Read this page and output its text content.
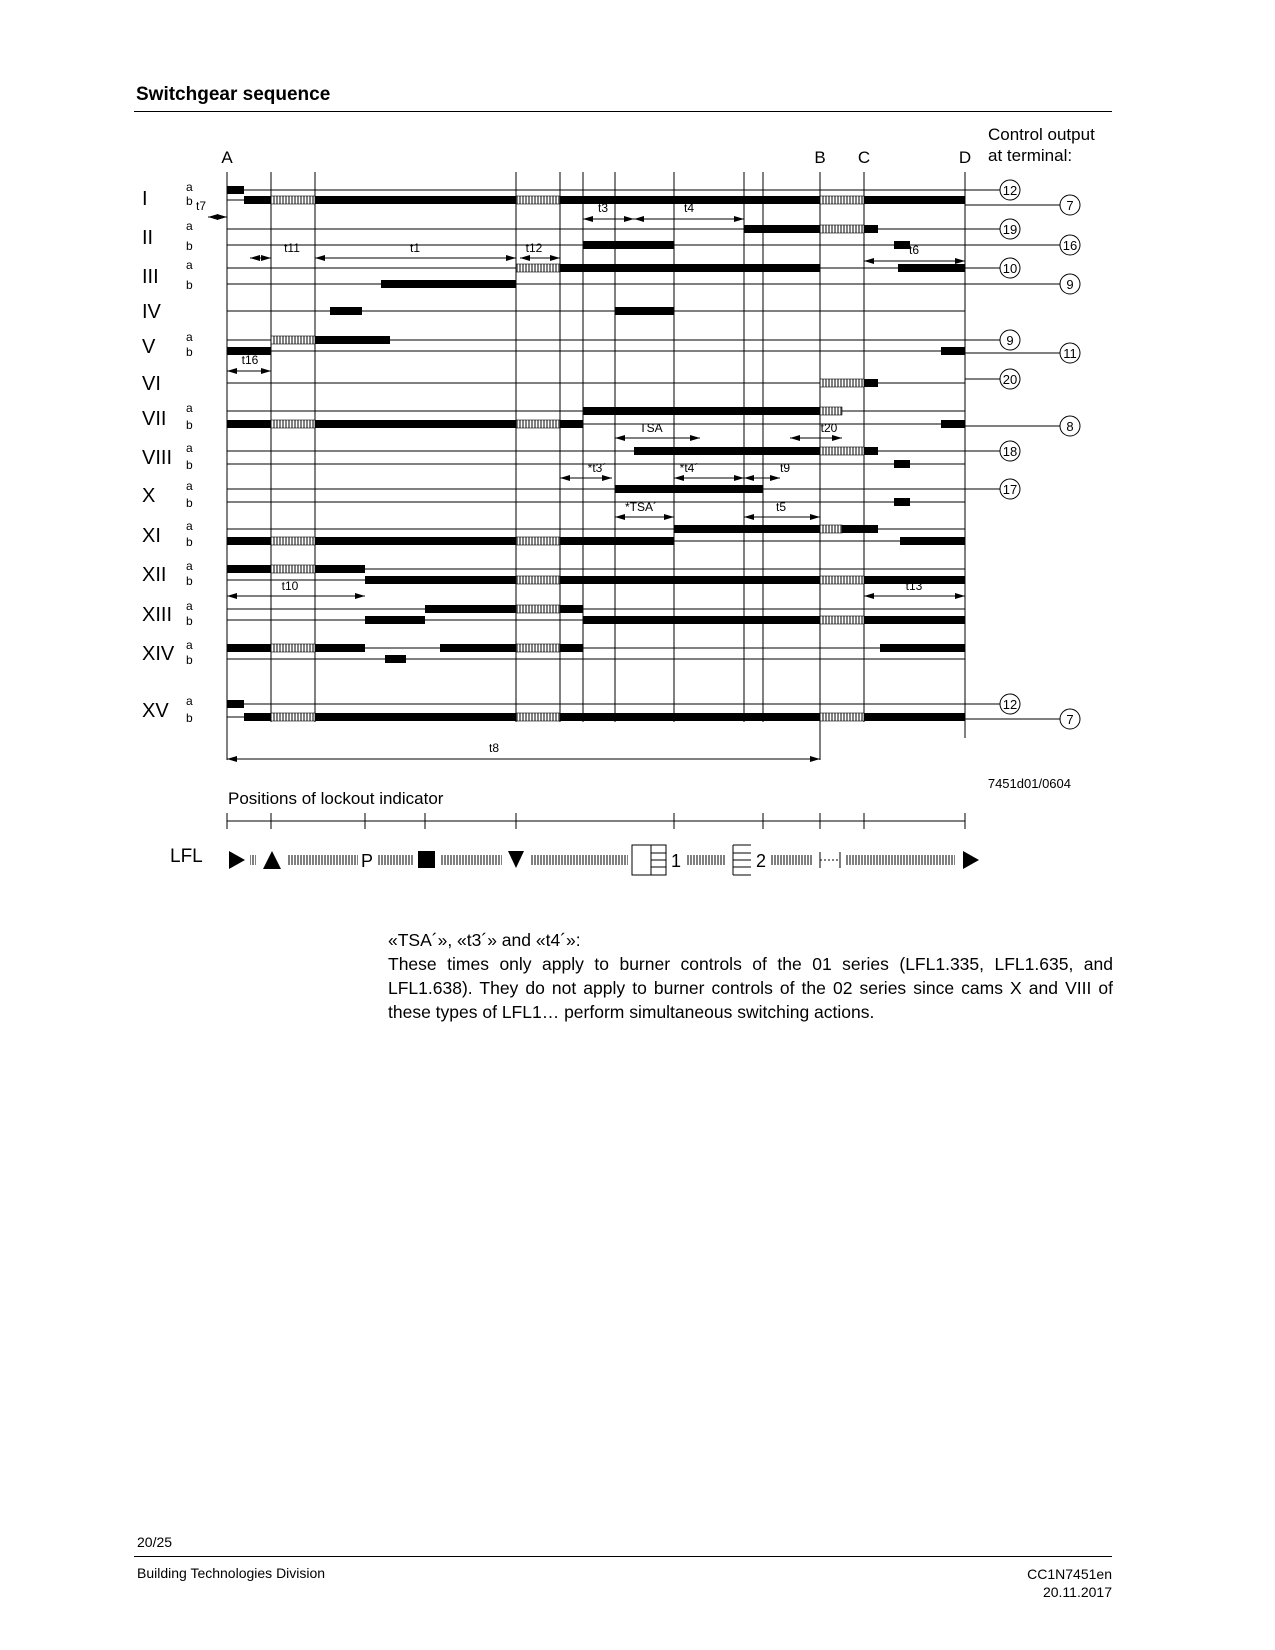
Switchgear sequence
t7	t3	t4
t11	t1	t12	t6
t16
TSA	t20
*t3´	*t4´	t9
*TSA´	t5
t10	t13
t8
A	B C	D
Control output
at terminal:
I
a
b
II
a
b
III
a
b
IV
V	a
b
VI
VII a
b
VIII a
b
X	a
b
XI a
b
XII a
b
XIII a
b
XIV a
b
XV a
b
12
7
19
16
10
9
9
11
20
8
18
17
12
7
7451d01/0604
Positions of lockout indicator
LFL	P	1	2
«TSA´», «t3´» and «t4´»:
These times only apply to burner controls of the 01 series (LFL1.335, LFL1.635, and LFL1.638). They do not apply to burner controls of the 02 series since cams X and VIII of these types of LFL1… perform simultaneous switching actions.
20/25
Building Technologies Division	CC1N7451en
20.11.2017
